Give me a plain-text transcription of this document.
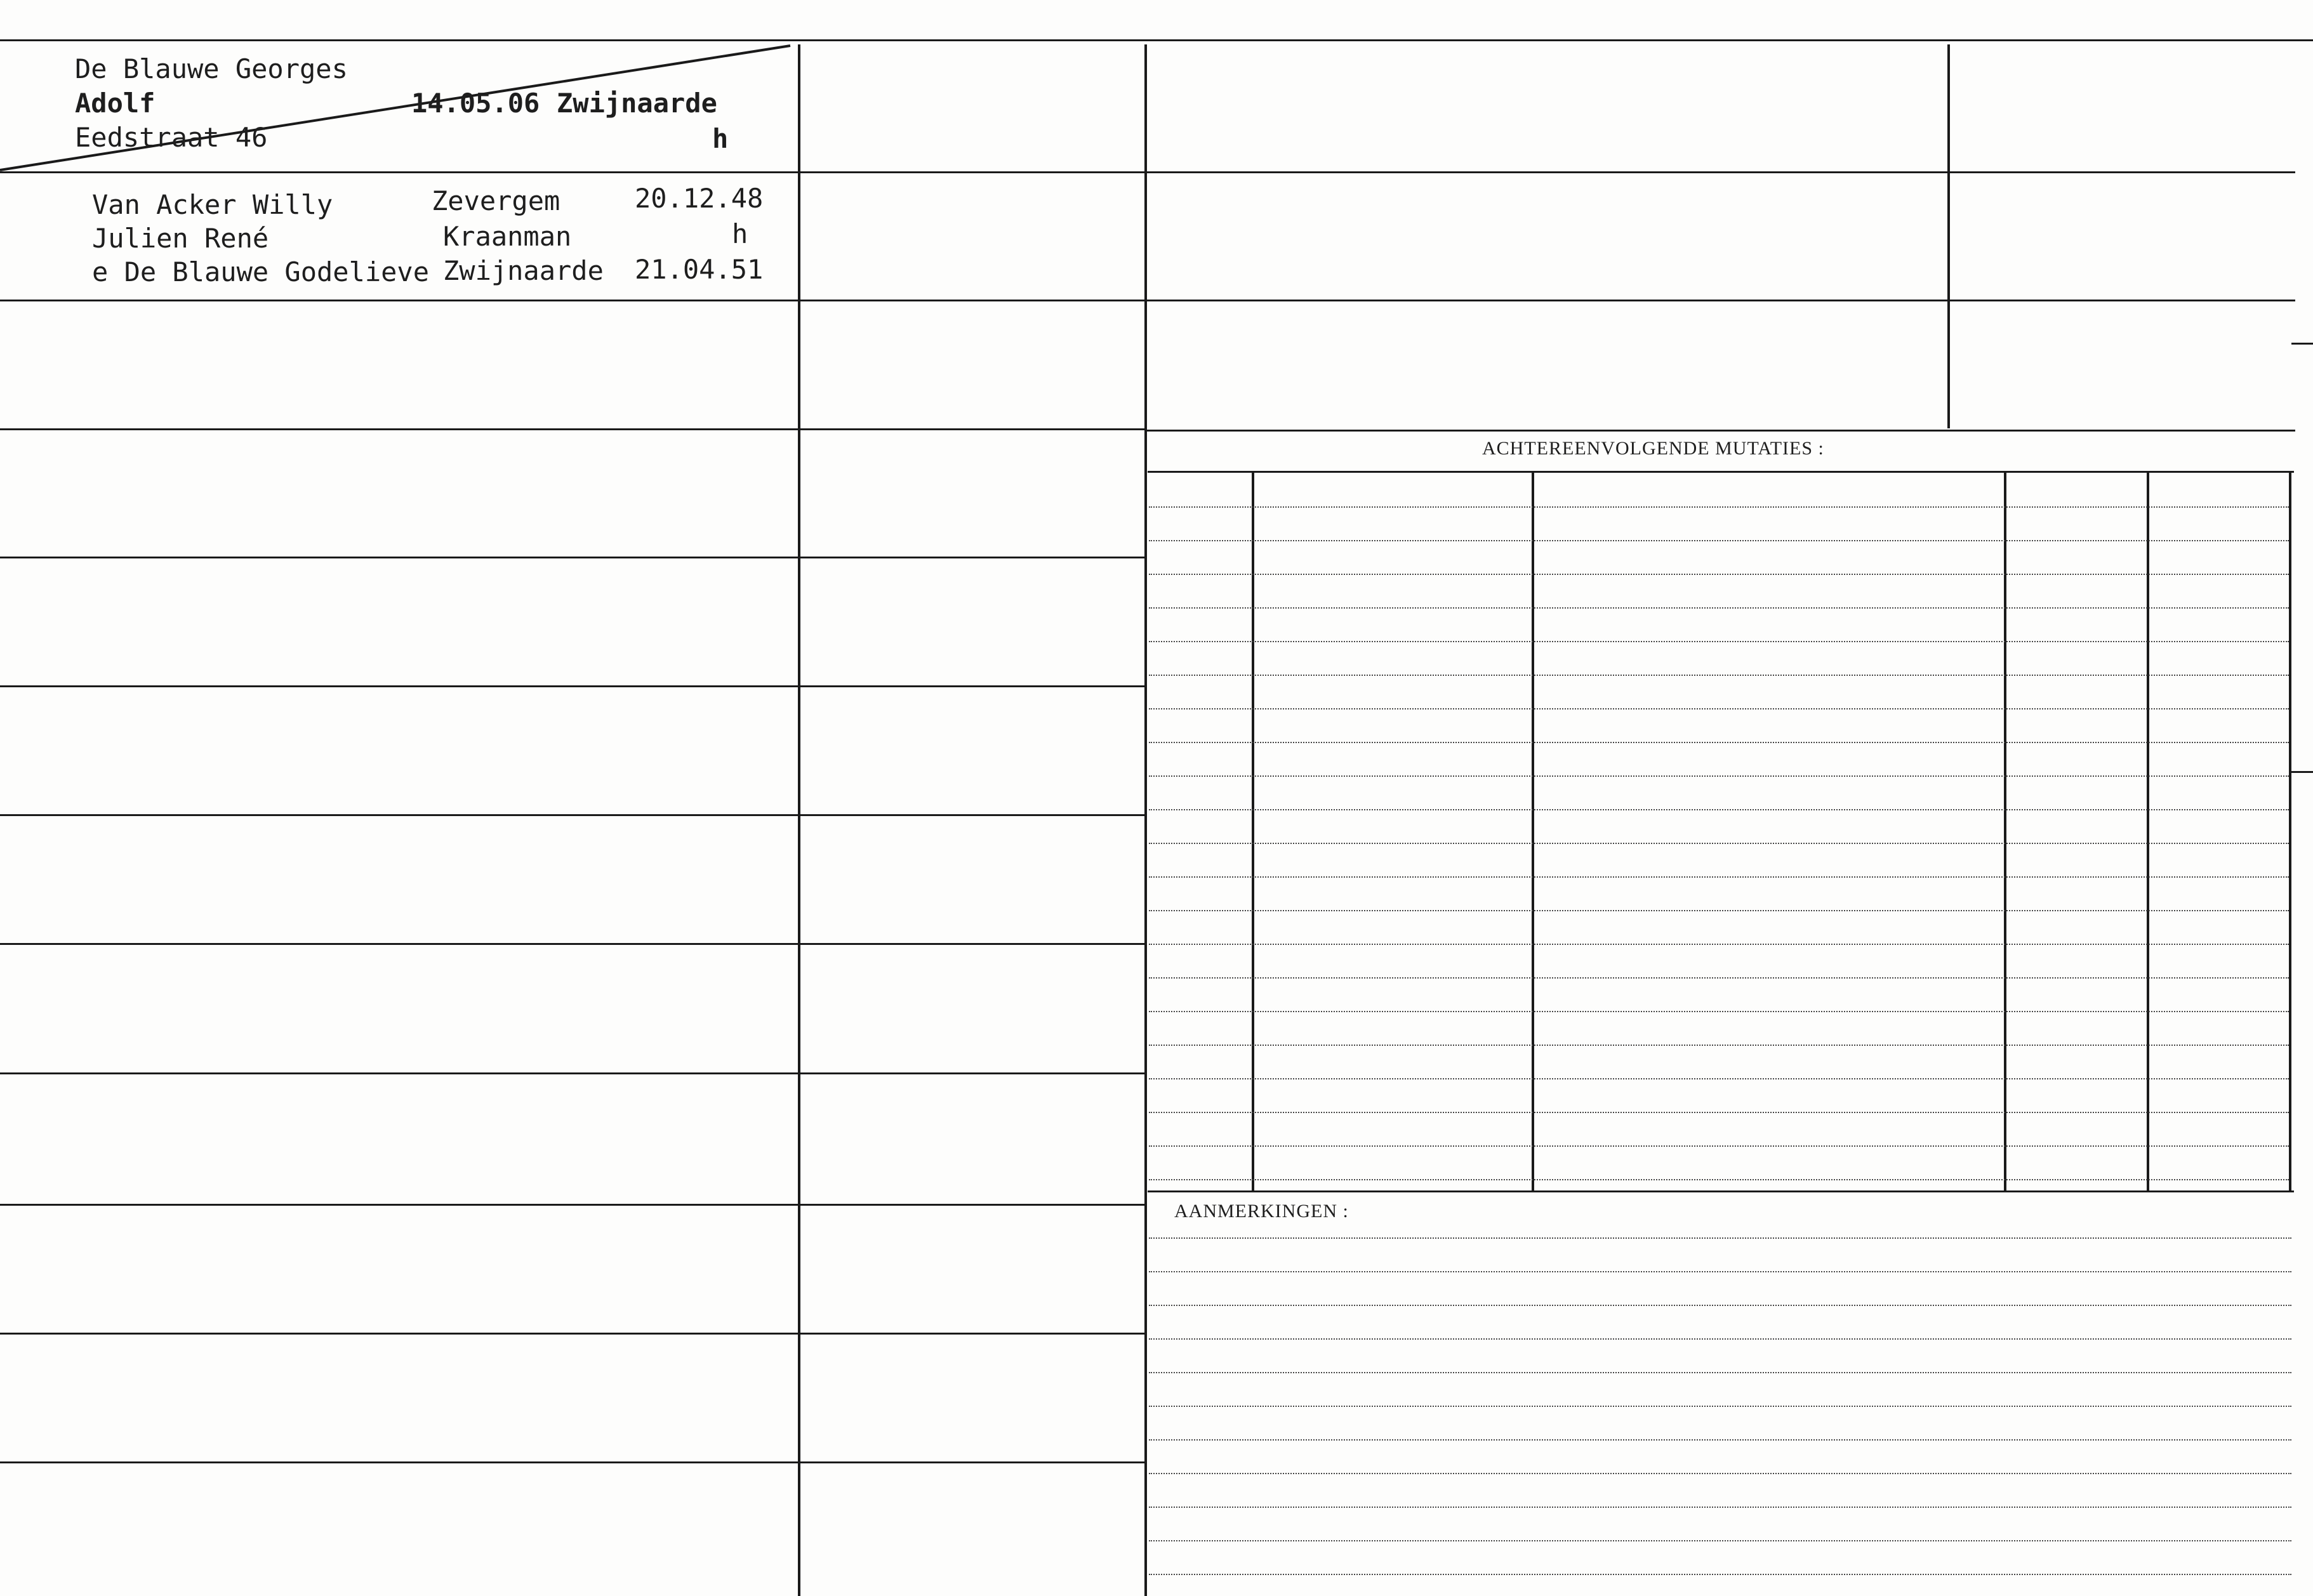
De Blauwe Georges
Adolf
Eedstraat 46
14.05.06 Zwijnaarde
h
Van Acker Willy
Julien René
e De Blauwe Godelieve
Zevergem
Kraanman
Zwijnaarde
20.12.48
h
21.04.51
ACHTEREENVOLGENDE MUTATIES :
AANMERKINGEN :
